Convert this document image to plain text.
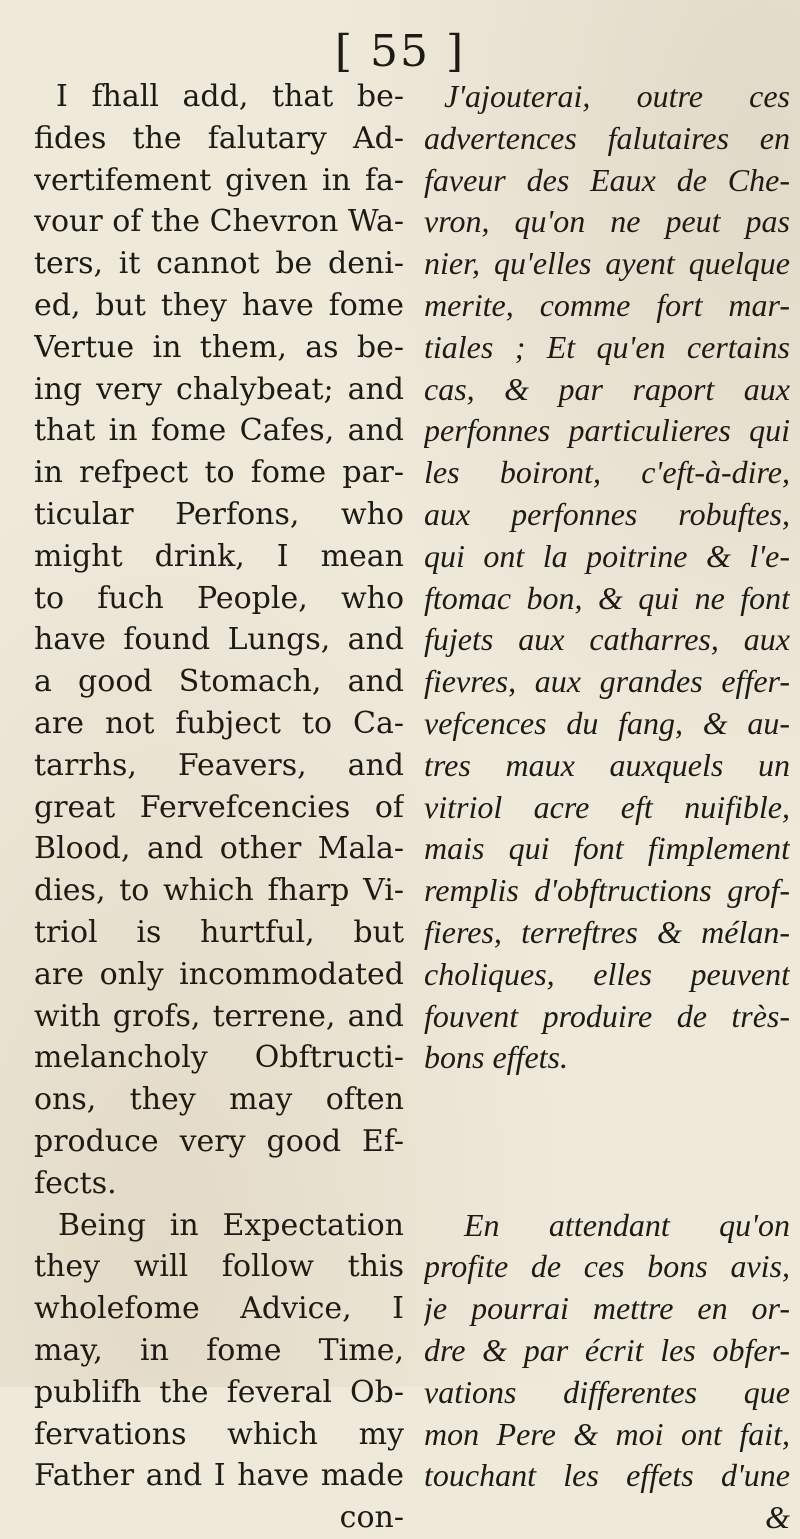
[ 55 ]
I fhall add, that be-
fides the falutary Ad-
vertifement given in fa-
vour of the Chevron Wa-
ters, it cannot be deni-
ed, but they have fome
Vertue in them, as be-
ing very chalybeat; and
that in fome Cafes, and
in refpect to fome par-
ticular Perfons, who
might drink, I mean
to fuch People, who
have found Lungs, and
a good Stomach, and
are not fubject to Ca-
tarrhs, Feavers, and
great Fervefcencies of
Blood, and other Mala-
dies, to which fharp Vi-
triol is hurtful, but
are only incommodated
with grofs, terrene, and
melancholy Obftructi-
ons, they may often
produce very good Ef-
fects.
Being in Expectation
they will follow this
wholefome Advice, I
may, in fome Time,
publifh the feveral Ob-
fervations which my
Father and I have made
con-
J'ajouterai, outre ces
advertences falutaires en
faveur des Eaux de Che-
vron, qu'on ne peut pas
nier, qu'elles ayent quelque
merite, comme fort mar-
tiales ; Et qu'en certains
cas, & par raport aux
perfonnes particulieres qui
les boiront, c'eft-à-dire,
aux perfonnes robuftes,
qui ont la poitrine & l'e-
ftomac bon, & qui ne font
fujets aux catharres, aux
fievres, aux grandes effer-
vefcences du fang, & au-
tres maux auxquels un
vitriol acre eft nuifible,
mais qui font fimplement
remplis d'obftructions grof-
fieres, terreftres & mélan-
choliques, elles peuvent
fouvent produire de très-
bons effets.
En attendant qu'on
profite de ces bons avis,
je pourrai mettre en or-
dre & par écrit les obfer-
vations differentes que
mon Pere & moi ont fait,
touchant les effets d'une
&
